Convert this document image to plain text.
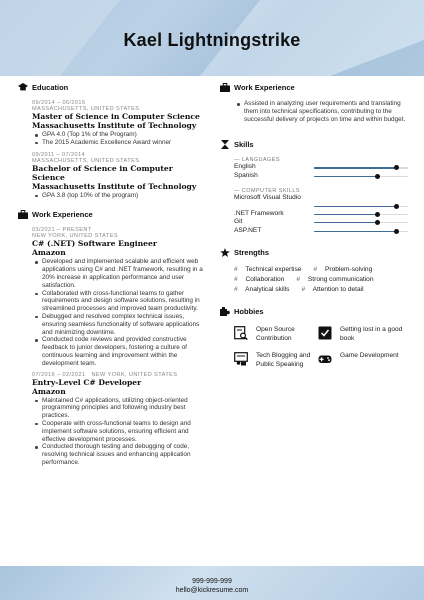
Kael Lightningstrike
Education
09/2014 – 06/2016
MASSACHUSETTS, UNITED STATES
Master of Science in Computer Science
Massachusetts Institute of Technology
GPA 4.0 (Top 1% of the Program)
The 2015 Academic Excellence Award winner
09/2011 – 07/2014
MASSACHUSETTS, UNITED STATES
Bachelor of Science in Computer Science
Massachusetts Institute of Technology
GPA 3.8 (top 10% of the program)
Work Experience
03/2021 – PRESENT
NEW YORK, UNITED STATES
C# (.NET) Software Engineer
Amazon
Developed and implemented scalable and efficient web applications using C# and .NET framework, resulting in a 20% increase in application performance and user satisfaction.
Collaborated with cross-functional teams to gather requirements and design software solutions, resulting in streamlined processes and improved team productivity.
Debugged and resolved complex technical issues, ensuring seamless functionality of software applications and minimizing downtime.
Conducted code reviews and provided constructive feedback to junior developers, fostering a culture of continuous learning and improvement within the development team.
07/2016 – 02/2021 NEW YORK, UNITED STATES
Entry-Level C# Developer
Amazon
Maintained C# applications, utilizing object-oriented programming principles and following industry best practices.
Cooperate with cross-functional teams to design and implement software solutions, ensuring efficient and effective development processes.
Conducted thorough testing and debugging of code, resolving technical issues and enhancing application performance.
Work Experience
Assisted in analyzing user requirements and translating them into technical specifications, contributing to the successful delivery of projects on time and within budget.
Skills
— LANGUAGES
English
Spanish
— COMPUTER SKILLS
Microsoft Visual Studio
.NET Framework
Git
ASP.NET
Strengths
# Technical expertise # Problem-solving
# Collaboration # Strong communication
# Analytical skills # Attention to detail
Hobbies
Open Source Contribution
Getting lost in a good book
Tech Blogging and Public Speaking
Game Development
999-999-999
hello@kickresume.com
